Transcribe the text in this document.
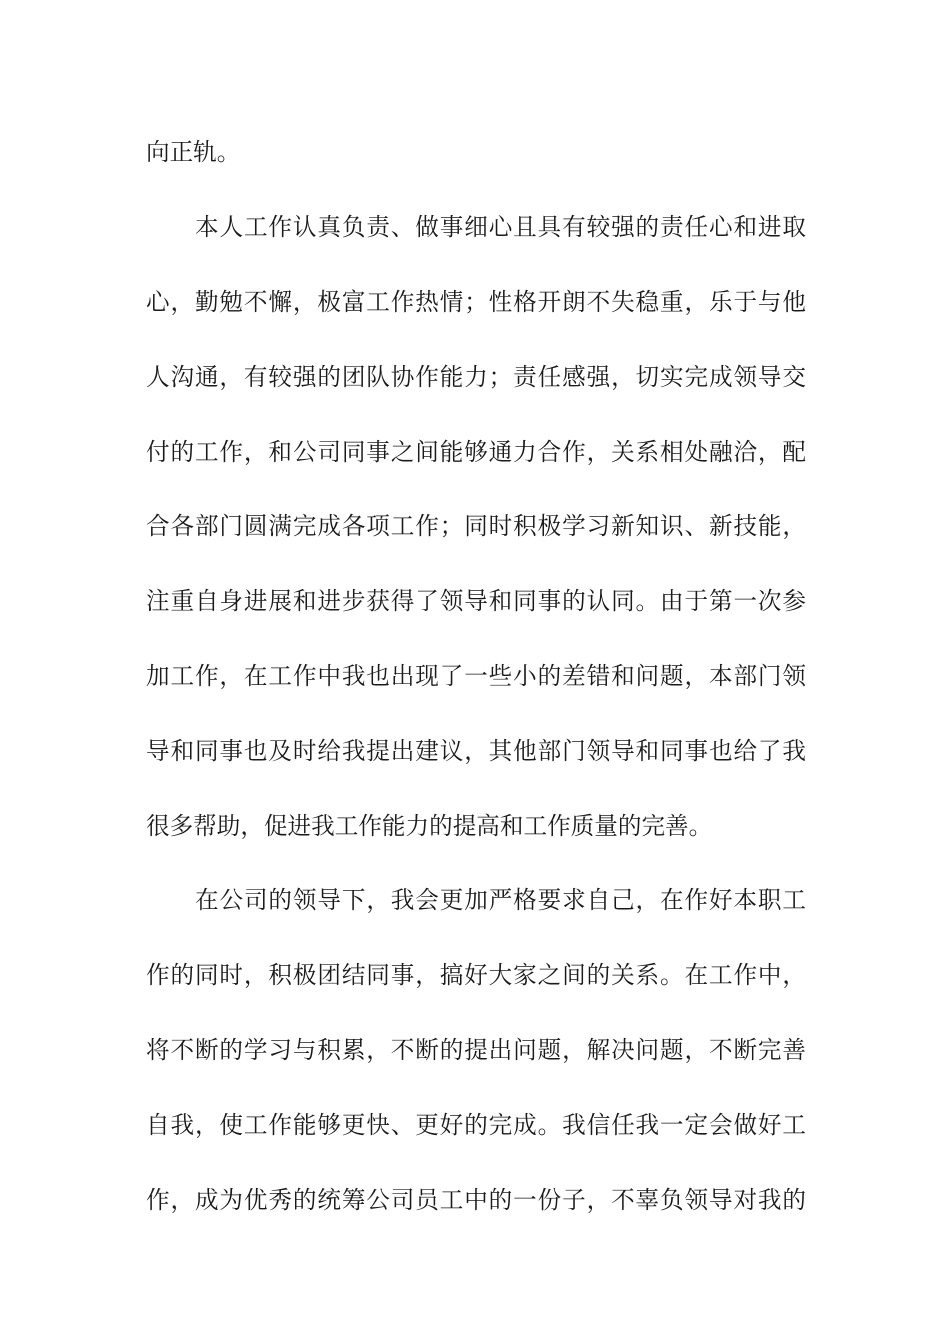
向正轨。
本人工作认真负责、做事细心且具有较强的责任心和进取
心，勤勉不懈，极富工作热情；性格开朗不失稳重，乐于与他
人沟通，有较强的团队协作能力；责任感强，切实完成领导交
付的工作，和公司同事之间能够通力合作，关系相处融洽，配
合各部门圆满完成各项工作；同时积极学习新知识、新技能，
注重自身进展和进步获得了领导和同事的认同。由于第一次参
加工作，在工作中我也出现了一些小的差错和问题，本部门领
导和同事也及时给我提出建议，其他部门领导和同事也给了我
很多帮助，促进我工作能力的提高和工作质量的完善。
在公司的领导下，我会更加严格要求自己，在作好本职工
作的同时，积极团结同事，搞好大家之间的关系。在工作中，
将不断的学习与积累，不断的提出问题，解决问题，不断完善
自我，使工作能够更快、更好的完成。我信任我一定会做好工
作，成为优秀的统筹公司员工中的一份子，不辜负领导对我的
